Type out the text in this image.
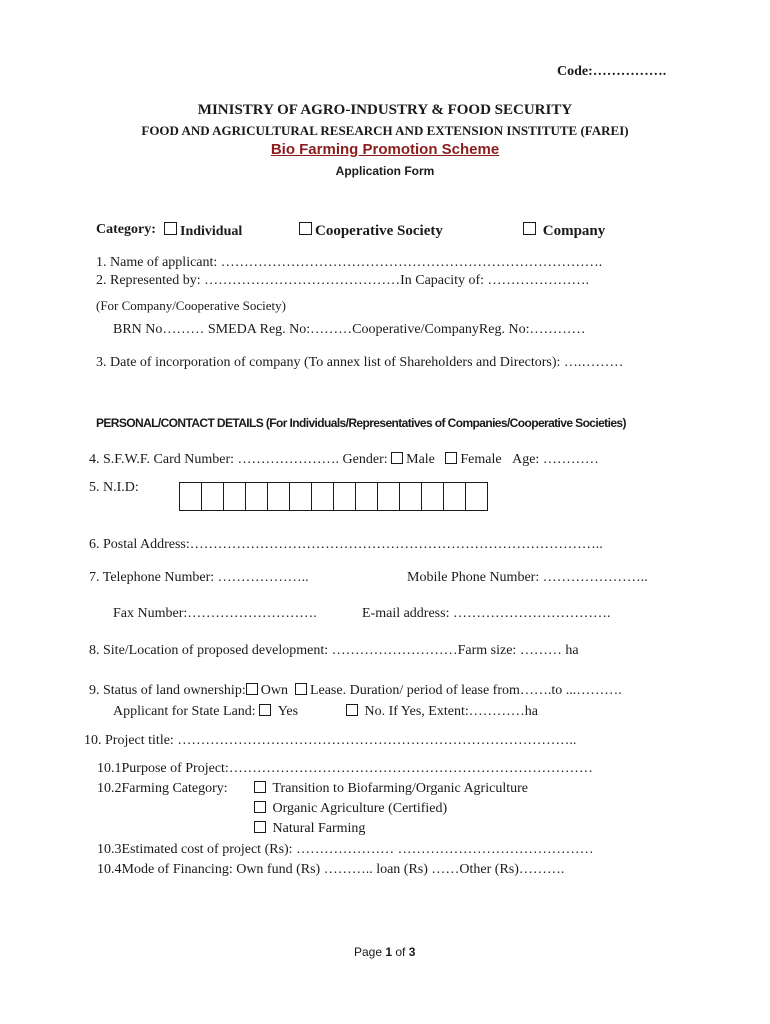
Code:…………….
MINISTRY OF AGRO-INDUSTRY & FOOD SECURITY
FOOD AND AGRICULTURAL RESEARCH AND EXTENSION INSTITUTE (FAREI)
Bio Farming Promotion Scheme
Application Form
Category:	Individual	Cooperative Society	Company
1. Name of applicant: ……………………………………………………………………….
2. Represented by: ……………………………………In Capacity of: ………………….
(For Company/Cooperative Society)
BRN No……… SMEDA Reg. No:………Cooperative/CompanyReg. No:…………
3. Date of incorporation of company (To annex list of Shareholders and Directors): ….………
PERSONAL/CONTACT DETAILS (For Individuals/Representatives of Companies/Cooperative Societies)
4. S.F.W.F. Card Number: …………………. Gender: Male Female Age: …………
5. N.I.D:
6. Postal Address:……………………………………………………………………………..
7. Telephone Number: ………………..	Mobile Phone Number: …………………..
Fax Number:……………………….	E-mail address: …………………………….
8. Site/Location of proposed development: ………………………Farm size: ……… ha
9. Status of land ownership: Own Lease. Duration/ period of lease from…….to ...……….
Applicant for State Land: Yes	No. If Yes, Extent:…………ha
10. Project title: …………………………………………………………………………..
10.1Purpose of Project:……………………………………………………………………
10.2Farming Category:	Transition to Biofarming/Organic Agriculture
Organic Agriculture (Certified)
Natural Farming
10.3Estimated cost of project (Rs): ………………… ……………………………………
10.4Mode of Financing: Own fund (Rs) ……….. loan (Rs) ……Other (Rs)……….
Page 1 of 3
